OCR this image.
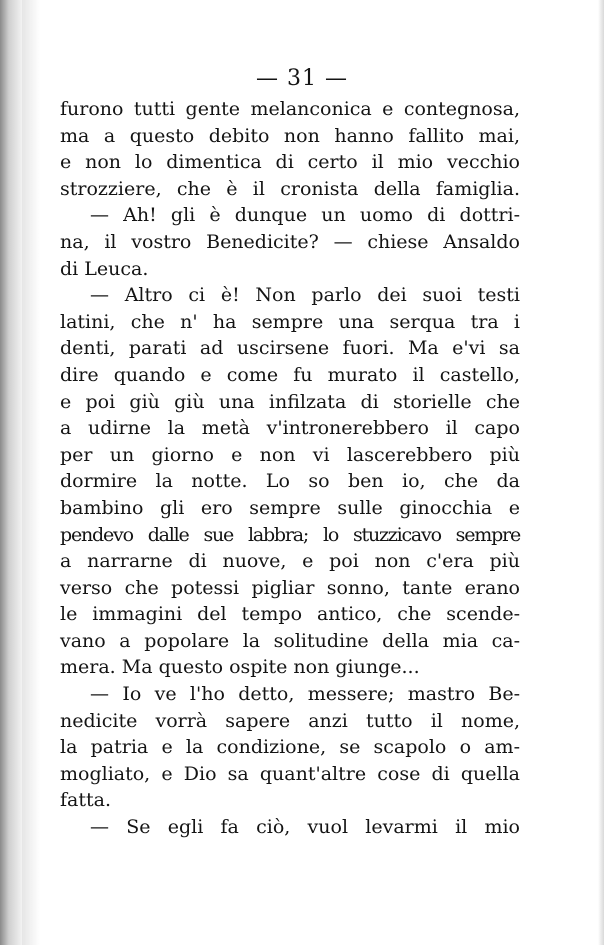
— 31 —
furono tutti gente melanconica e contegnosa,
ma a questo debito non hanno fallito mai,
e non lo dimentica di certo il mio vecchio
strozziere, che è il cronista della famiglia.
— Ah! gli è dunque un uomo di dottri-
na, il vostro Benedicite? — chiese Ansaldo
di Leuca.
— Altro ci è! Non parlo dei suoi testi
latini, che n' ha sempre una serqua tra i
denti, parati ad uscirsene fuori. Ma e'vi sa
dire quando e come fu murato il castello,
e poi giù giù una infilzata di storielle che
a udirne la metà v'intronerebbero il capo
per un giorno e non vi lascerebbero più
dormire la notte. Lo so ben io, che da
bambino gli ero sempre sulle ginocchia e
pendevo dalle sue labbra; lo stuzzicavo sempre
a narrarne di nuove, e poi non c'era più
verso che potessi pigliar sonno, tante erano
le immagini del tempo antico, che scende-
vano a popolare la solitudine della mia ca-
mera. Ma questo ospite non giunge...
— Io ve l'ho detto, messere; mastro Be-
nedicite vorrà sapere anzi tutto il nome,
la patria e la condizione, se scapolo o am-
mogliato, e Dio sa quant'altre cose di quella
fatta.
— Se egli fa ciò, vuol levarmi il mio
